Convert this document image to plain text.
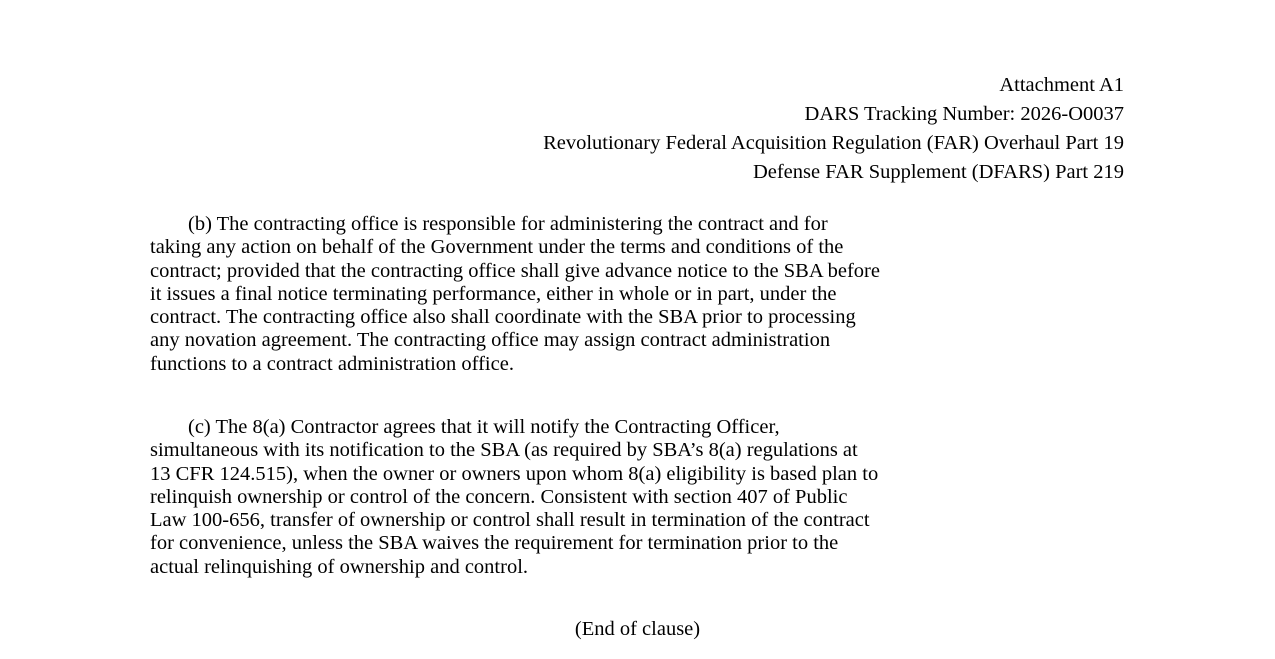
Attachment A1
DARS Tracking Number: 2026-O0037
Revolutionary Federal Acquisition Regulation (FAR) Overhaul Part 19
Defense FAR Supplement (DFARS) Part 219

(b) The contracting office is responsible for administering the contract and for
taking any action on behalf of the Government under the terms and conditions of the
contract; provided that the contracting office shall give advance notice to the SBA before
it issues a final notice terminating performance, either in whole or in part, under the
contract. The contracting office also shall coordinate with the SBA prior to processing
any novation agreement. The contracting office may assign contract administration
functions to a contract administration office.

(c) The 8(a) Contractor agrees that it will notify the Contracting Officer,
simultaneous with its notification to the SBA (as required by SBA’s 8(a) regulations at
13 CFR 124.515), when the owner or owners upon whom 8(a) eligibility is based plan to
relinquish ownership or control of the concern. Consistent with section 407 of Public
Law 100-656, transfer of ownership or control shall result in termination of the contract
for convenience, unless the SBA waives the requirement for termination prior to the
actual relinquishing of ownership and control.

(End of clause)
